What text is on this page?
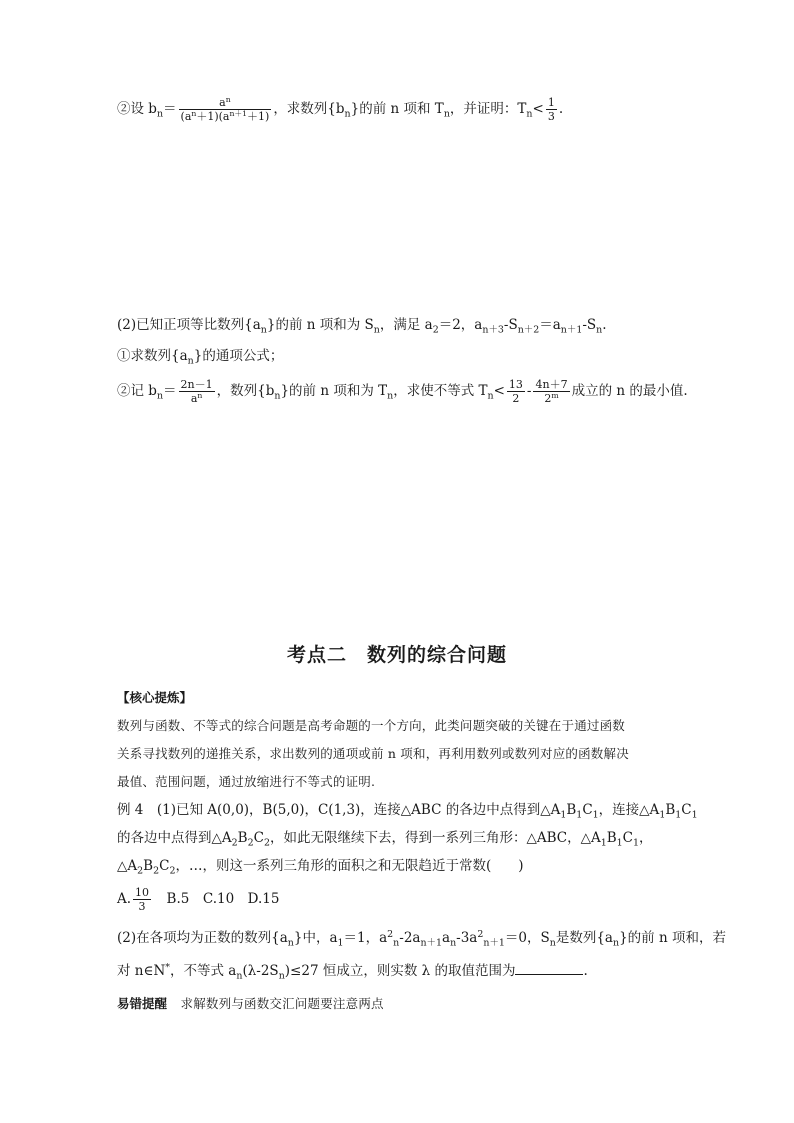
②设 $b_n= \frac{a^n}{(a^n+1)(a^{n+1}+1)}$ ，求数列$\{b_n\}$的前 n 项和 $T_n$，并证明：$T_n< \frac{1}{3}$ .
(2)已知正项等比数列$\{a_n\}$的前 n 项和为 $S_n$，满足 $a_2=2$，$a_{n+3}-S_{n+2}=a_{n+1}-S_n$.
①求数列$\{a_n\}$的通项公式；
②记 $b_n= \frac{2n-1}{a^n}$ ，数列$\{b_n\}$的前 n 项和为 $T_n$，求使不等式 $T_n< \frac{13}{2} - \frac{4n+7}{2^m}$ 成立的 n 的最小值.
考点二　数列的综合问题
【核心提炼】
数列与函数、不等式的综合问题是高考命题的一个方向，此类问题突破的关键在于通过函数
关系寻找数列的递推关系，求出数列的通项或前 n 项和，再利用数列或数列对应的函数解决
最值、范围问题，通过放缩进行不等式的证明.
例 4　(1)已知 A(0,0)，B(5,0)，C(1,3)，连接△ABC 的各边中点得到$\triangle A_1B_1C_1$，连接$\triangle A_1B_1C_1$
的各边中点得到$\triangle A_2B_2C_2$，如此无限继续下去，得到一系列三角形：△ABC，$\triangle A_1B_1C_1$，
$\triangle A_2B_2C_2$，…，则这一系列三角形的面积之和无限趋近于常数(　　)
A. $\frac{10}{3}$
　 B.5　C.10　D.15
(2)在各项均为正数的数列$\{a_n\}$中，$a_1=1$，$a^2_n-2a_{n+1}a_n-3a^2_{n+1}=0$，$S_n$是数列$\{a_n\}$的前 n 项和，若
对 n∈N*，不等式 $a_n(\lambda-2S_n)\le 27$ 恒成立，则实数 λ 的取值范围为	.
易错提醒　 求解数列与函数交汇问题要注意两点
